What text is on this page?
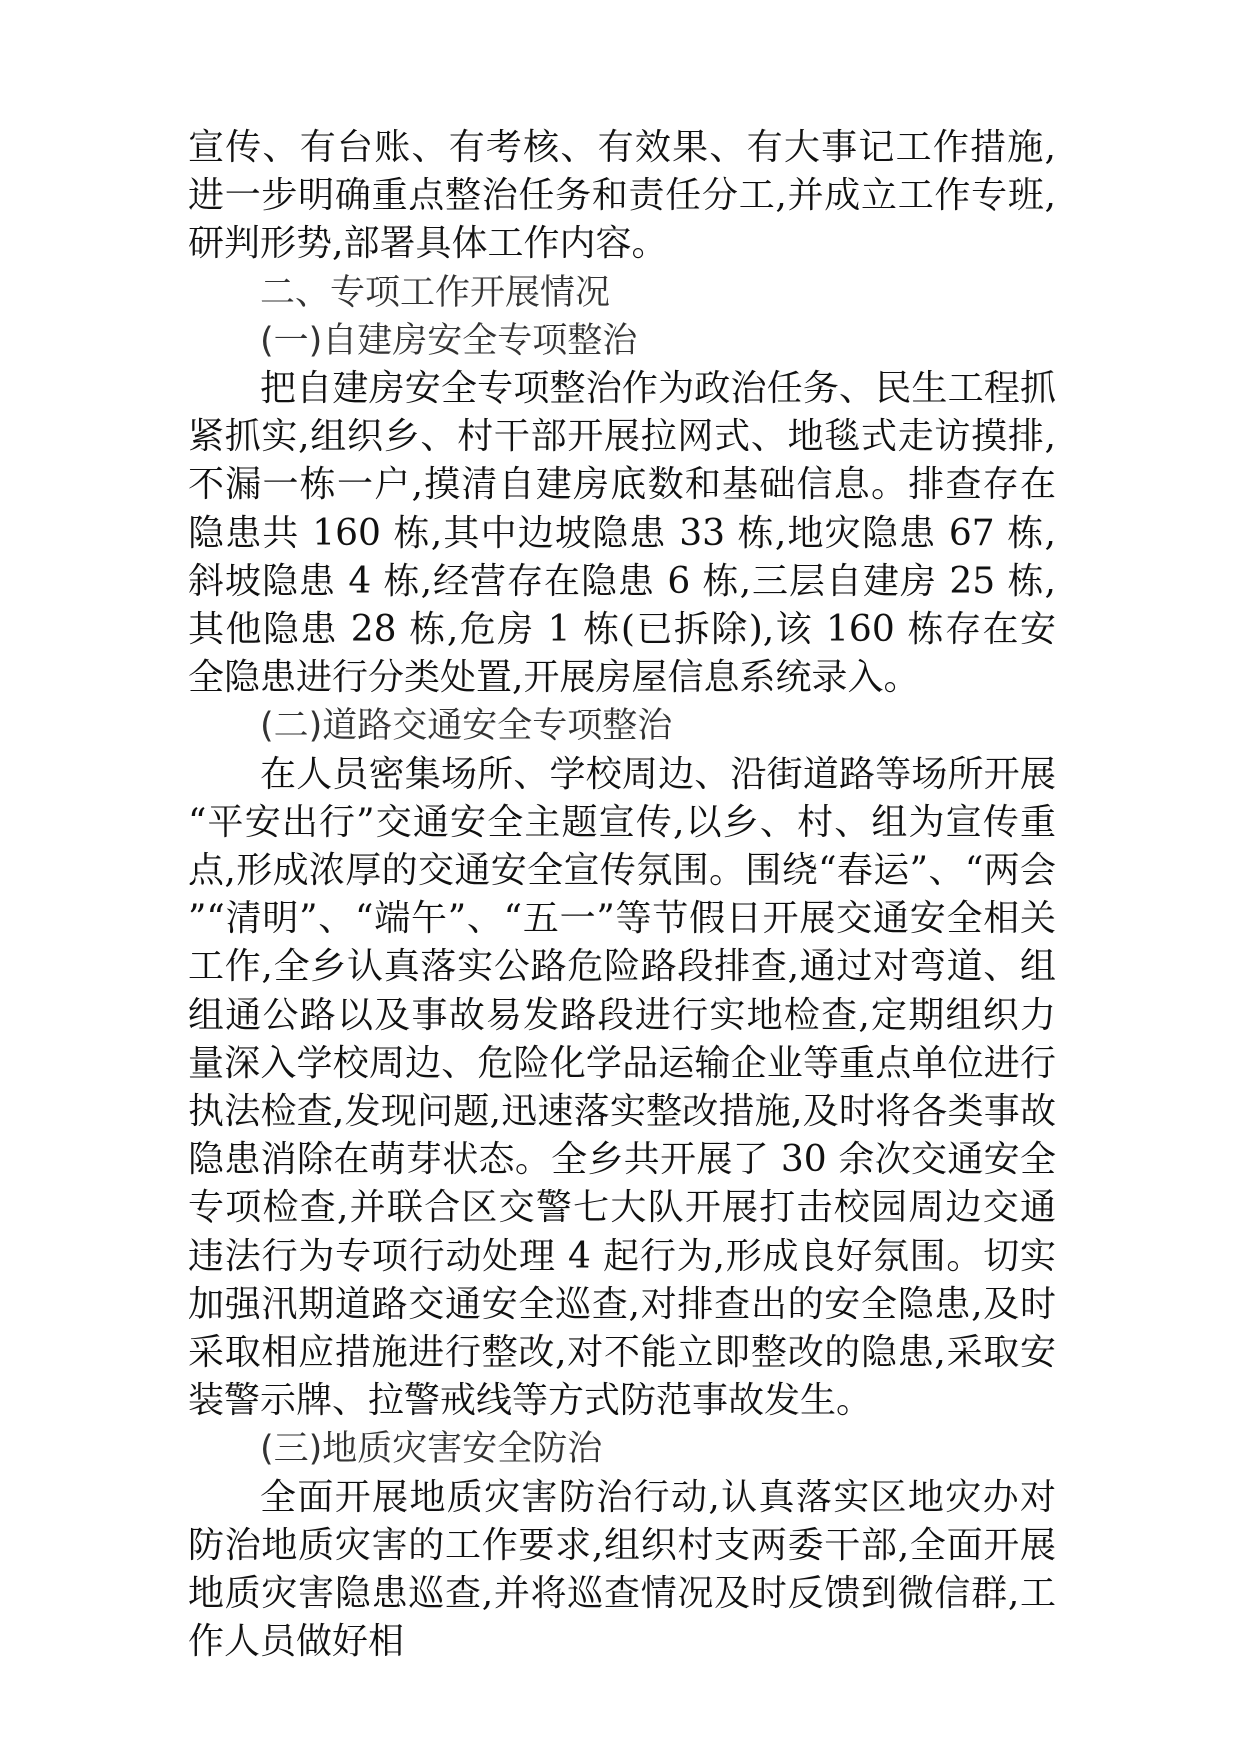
宣传、有台账、有考核、有效果、有大事记工作措施,进一步明确重点整治任务和责任分工,并成立工作专班,研判形势,部署具体工作内容。

二、专项工作开展情况

(一)自建房安全专项整治

把自建房安全专项整治作为政治任务、民生工程抓紧抓实,组织乡、村干部开展拉网式、地毯式走访摸排,不漏一栋一户,摸清自建房底数和基础信息。排查存在隐患共 160 栋,其中边坡隐患 33 栋,地灾隐患 67 栋,斜坡隐患 4 栋,经营存在隐患 6 栋,三层自建房 25 栋,其他隐患 28 栋,危房 1 栋(已拆除),该 160 栋存在安全隐患进行分类处置,开展房屋信息系统录入。

(二)道路交通安全专项整治

在人员密集场所、学校周边、沿街道路等场所开展“平安出行”交通安全主题宣传,以乡、村、组为宣传重点,形成浓厚的交通安全宣传氛围。围绕“春运”、“两会”“清明”、“端午”、“五一”等节假日开展交通安全相关工作,全乡认真落实公路危险路段排查,通过对弯道、组组通公路以及事故易发路段进行实地检查,定期组织力量深入学校周边、危险化学品运输企业等重点单位进行执法检查,发现问题,迅速落实整改措施,及时将各类事故隐患消除在萌芽状态。全乡共开展了 30 余次交通安全专项检查,并联合区交警七大队开展打击校园周边交通违法行为专项行动处理 4 起行为,形成良好氛围。切实加强汛期道路交通安全巡查,对排查出的安全隐患,及时采取相应措施进行整改,对不能立即整改的隐患,采取安装警示牌、拉警戒线等方式防范事故发生。

(三)地质灾害安全防治

全面开展地质灾害防治行动,认真落实区地灾办对防治地质灾害的工作要求,组织村支两委干部,全面开展地质灾害隐患巡查,并将巡查情况及时反馈到微信群,工作人员做好相
